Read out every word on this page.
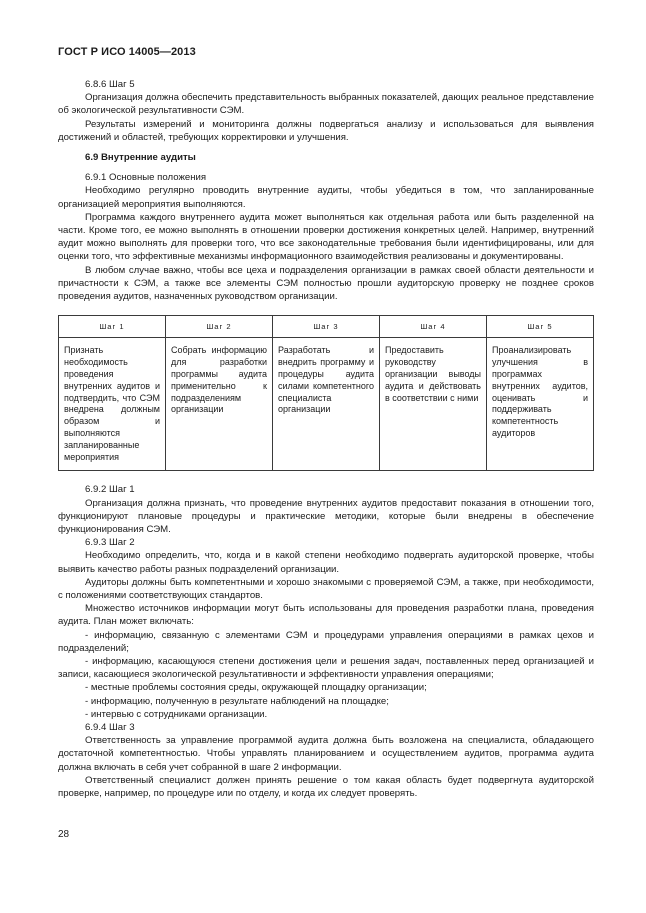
ГОСТ Р ИСО 14005—2013

6.8.6 Шаг 5

Организация должна обеспечить представительность выбранных показателей, дающих реальное представление об экологической результативности СЭМ.

Результаты измерений и мониторинга должны подвергаться анализу и использоваться для выявления достижений и областей, требующих корректировки и улучшения.

6.9 Внутренние аудиты

6.9.1 Основные положения

Необходимо регулярно проводить внутренние аудиты, чтобы убедиться в том, что запланированные организацией мероприятия выполняются.

Программа каждого внутреннего аудита может выполняться как отдельная работа или быть разделенной на части. Кроме того, ее можно выполнять в отношении проверки достижения конкретных целей. Например, внутренний аудит можно выполнять для проверки того, что все законодательные требования были идентифицированы, или для оценки того, что эффективные механизмы информационного взаимодействия реализованы и документированы.

В любом случае важно, чтобы все цеха и подразделения организации в рамках своей области деятельности и причастности к СЭМ, а также все элементы СЭМ полностью прошли аудиторскую проверку не позднее сроков проведения аудитов, назначенных руководством организации.

Шаг 1	Шаг 2	Шаг 3	Шаг 4	Шаг 5
Признать необходимость проведения внутренних аудитов и подтвердить, что СЭМ внедрена должным образом и выполняются запланированные мероприятия	Собрать информацию для разработки программы аудита применительно к подразделениям организации	Разработать и внедрить программу и процедуры аудита силами компетентного специалиста организации	Предоставить руководству организации выводы аудита и действовать в соответствии с ними	Проанализировать улучшения в программах внутренних аудитов, оценивать и поддерживать компетентность аудиторов

6.9.2 Шаг 1

Организация должна признать, что проведение внутренних аудитов предоставит показания в отношении того, функционируют плановые процедуры и практические методики, которые были внедрены в обеспечение функционирования СЭМ.

6.9.3 Шаг 2

Необходимо определить, что, когда и в какой степени необходимо подвергать аудиторской проверке, чтобы выявить качество работы разных подразделений организации.

Аудиторы должны быть компетентными и хорошо знакомыми с проверяемой СЭМ, а также, при необходимости, с положениями соответствующих стандартов.

Множество источников информации могут быть использованы для проведения разработки плана, проведения аудита. План может включать:

- информацию, связанную с элементами СЭМ и процедурами управления операциями в рамках цехов и подразделений;

- информацию, касающуюся степени достижения цели и решения задач, поставленных перед организацией и записи, касающиеся экологической результативности и эффективности управления операциями;

- местные проблемы состояния среды, окружающей площадку организации;

- информацию, полученную в результате наблюдений на площадке;

- интервью с сотрудниками организации.

6.9.4 Шаг 3

Ответственность за управление программой аудита должна быть возложена на специалиста, обладающего достаточной компетентностью. Чтобы управлять планированием и осуществлением аудитов, программа аудита должна включать в себя учет собранной в шаге 2 информации.

Ответственный специалист должен принять решение о том какая область будет подвергнута аудиторской проверке, например, по процедуре или по отделу, и когда их следует проверять.

28
